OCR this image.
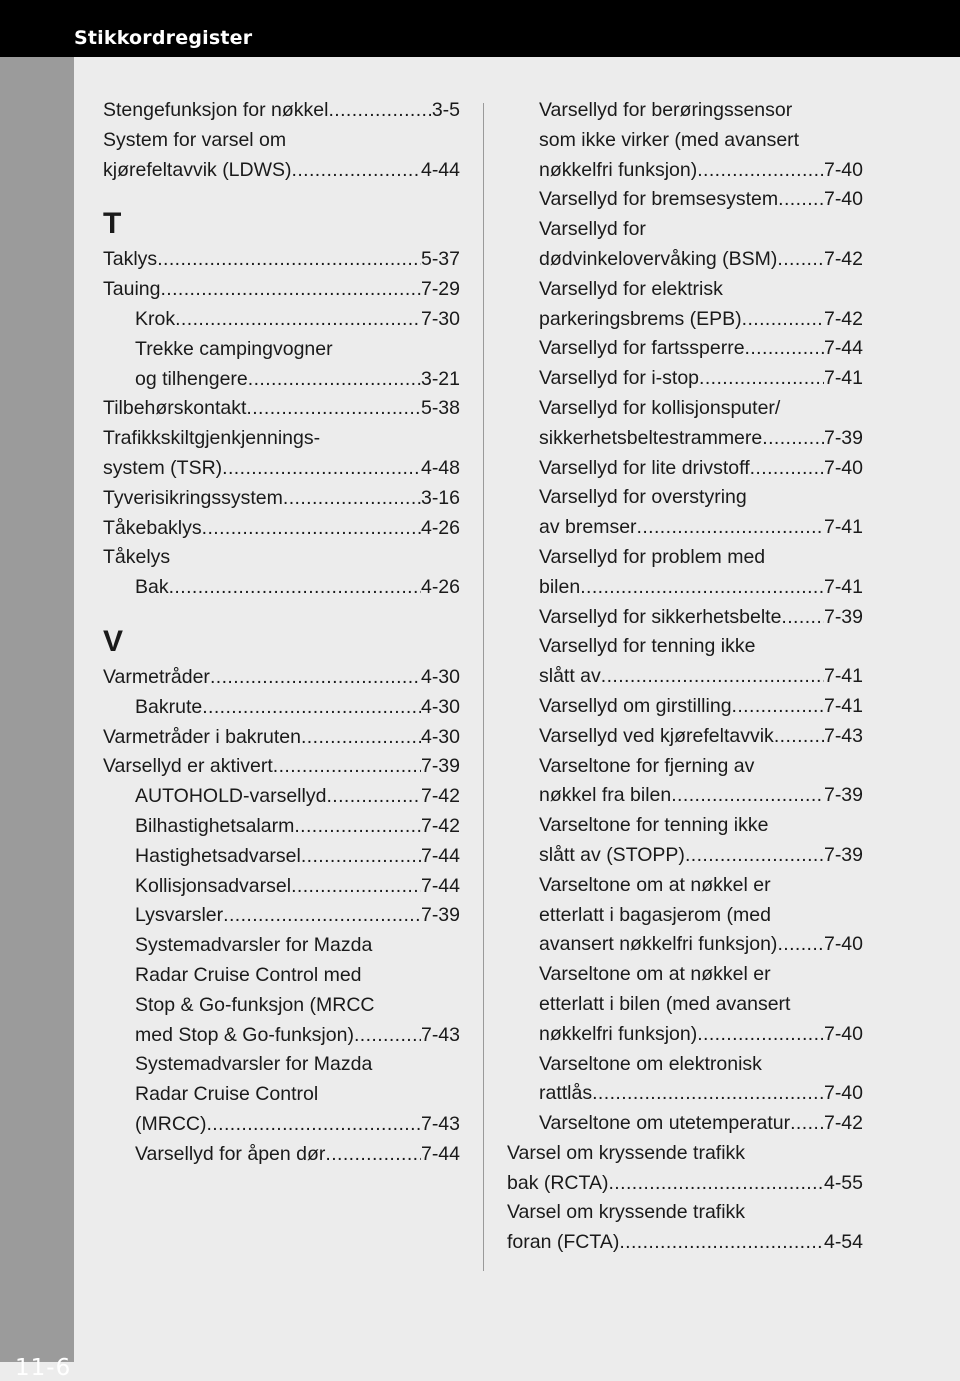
Stikkordregister
11-6
Stengefunksjon for nøkkel .....	3-5
System for varsel om
kjørefeltavvik (LDWS) .....	4-44
T
Taklys .....	5-37
Tauing .....	7-29
Krok .....	7-30
Trekke campingvogner
og tilhengere .....	3-21
Tilbehørskontakt .....	5-38
Trafikkskiltgjenkjennings-
system (TSR) .....	4-48
Tyverisikringssystem .....	3-16
Tåkebaklys .....	4-26
Tåkelys
Bak .....	4-26
V
Varmetråder .....	4-30
Bakrute .....	4-30
Varmetråder i bakruten .....	4-30
Varsellyd er aktivert .....	7-39
AUTOHOLD-varsellyd .....	7-42
Bilhastighetsalarm .....	7-42
Hastighetsadvarsel .....	7-44
Kollisjonsadvarsel .....	7-44
Lysvarsler .....	7-39
Systemadvarsler for Mazda
Radar Cruise Control med
Stop & Go-funksjon (MRCC
med Stop & Go-funksjon) .....	7-43
Systemadvarsler for Mazda
Radar Cruise Control
(MRCC) .....	7-43
Varsellyd for åpen dør .....	7-44
Varsellyd for berøringssensor
som ikke virker (med avansert
nøkkelfri funksjon) .....	7-40
Varsellyd for bremsesystem ..... 7-40
Varsellyd for
dødvinkelovervåking (BSM) ..... 7-42
Varsellyd for elektrisk
parkeringsbrems (EPB) .....	7-42
Varsellyd for fartssperre .....	7-44
Varsellyd for i-stop .....	7-41
Varsellyd for kollisjonsputer/
sikkerhetsbeltestrammere .....	7-39
Varsellyd for lite drivstoff .....	7-40
Varsellyd for overstyring
av bremser .....	7-41
Varsellyd for problem med
bilen .....	7-41
Varsellyd for sikkerhetsbelte ..... 7-39
Varsellyd for tenning ikke
slått av .....	7-41
Varsellyd om girstilling .....	7-41
Varsellyd ved kjørefeltavvik .....	7-43
Varseltone for fjerning av
nøkkel fra bilen .....	7-39
Varseltone for tenning ikke
slått av (STOPP) .....	7-39
Varseltone om at nøkkel er
etterlatt i bagasjerom (med
avansert nøkkelfri funksjon) ..... 7-40
Varseltone om at nøkkel er
etterlatt i bilen (med avansert
nøkkelfri funksjon) .....	7-40
Varseltone om elektronisk
rattlås .....	7-40
Varseltone om utetemperatur ..... 7-42
Varsel om kryssende trafikk
bak (RCTA) .....	4-55
Varsel om kryssende trafikk
foran (FCTA) .....	4-54
